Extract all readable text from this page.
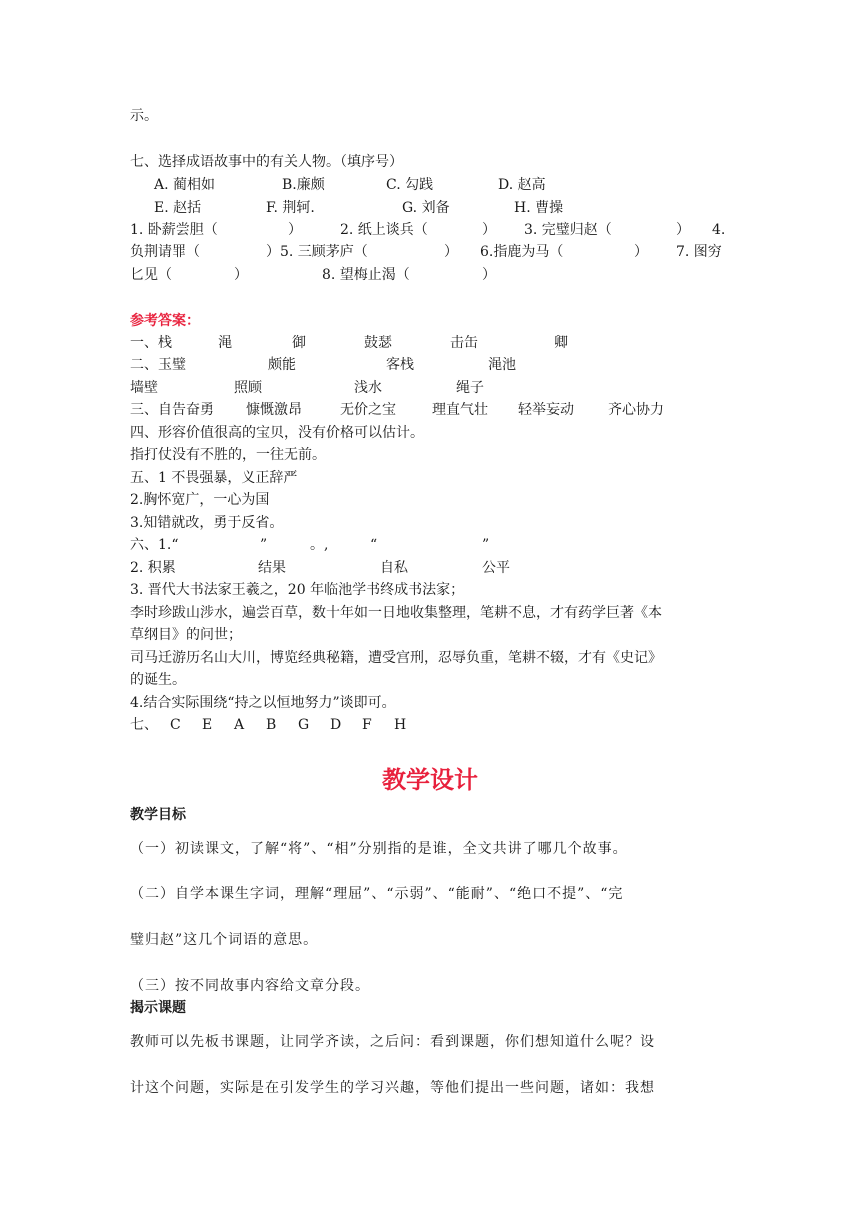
示。
七、选择成语故事中的有关人物。（填序号）

A. 蔺相如

	B.廉颇

	C. 勾践

	D. 赵高

E. 赵括

	F. 荆轲.

	G. 刘备

	H. 曹操

1. 卧薪尝胆（

	）

	2. 纸上谈兵（

	）

3. 完璧归赵（

	）

4.

负荆请罪（

	）5. 三顾茅庐（

	）

6.指鹿为马（

	）

7. 图穷

匕见（

	）

	8. 望梅止渴（

	）

参考答案：

一、栈

	渑

	御

	鼓瑟

	击缶

	卿

二、玉璧

	颇能

	客栈

	渑池

墙壁

	照顾

	浅水

	绳子

三、自告奋勇

慷慨激昂

	无价之宝

	理直气壮

轻举妄动

齐心协力

四、形容价值很高的宝贝，没有价格可以估计。
指打仗没有不胜的，一往无前。
五、1 不畏强暴，义正辞严
2.胸怀宽广，一心为国
3.知错就改，勇于反省。

六、1.“

	”

	。,

	“

	”

2. 积累

	结果

	自私

	公平

3. 晋代大书法家王羲之，20 年临池学书终成书法家；
李时珍跋山涉水，遍尝百草，数十年如一日地收集整理，笔耕不息，才有药学巨著《本
草纲目》的问世；
司马迁游历名山大川，博览经典秘籍，遭受宫刑，忍辱负重，笔耕不辍，才有《史记》
的诞生。
4.结合实际围绕“持之以恒地努力”谈即可。

七、

C

E

A

B

G

D

F

H

教学设计
教学目标
（一）初读课文，了解“将”、“相”分别指的是谁，全文共讲了哪几个故事。
（二）自学本课生字词，理解“理屈”、“示弱”、“能耐”、“绝口不提”、“完
璧归赵”这几个词语的意思。
（三）按不同故事内容给文章分段。
揭示课题
教师可以先板书课题，让同学齐读，之后问：看到课题，你们想知道什么呢？设
计这个问题，实际是在引发学生的学习兴趣，等他们提出一些问题，诸如：我想
